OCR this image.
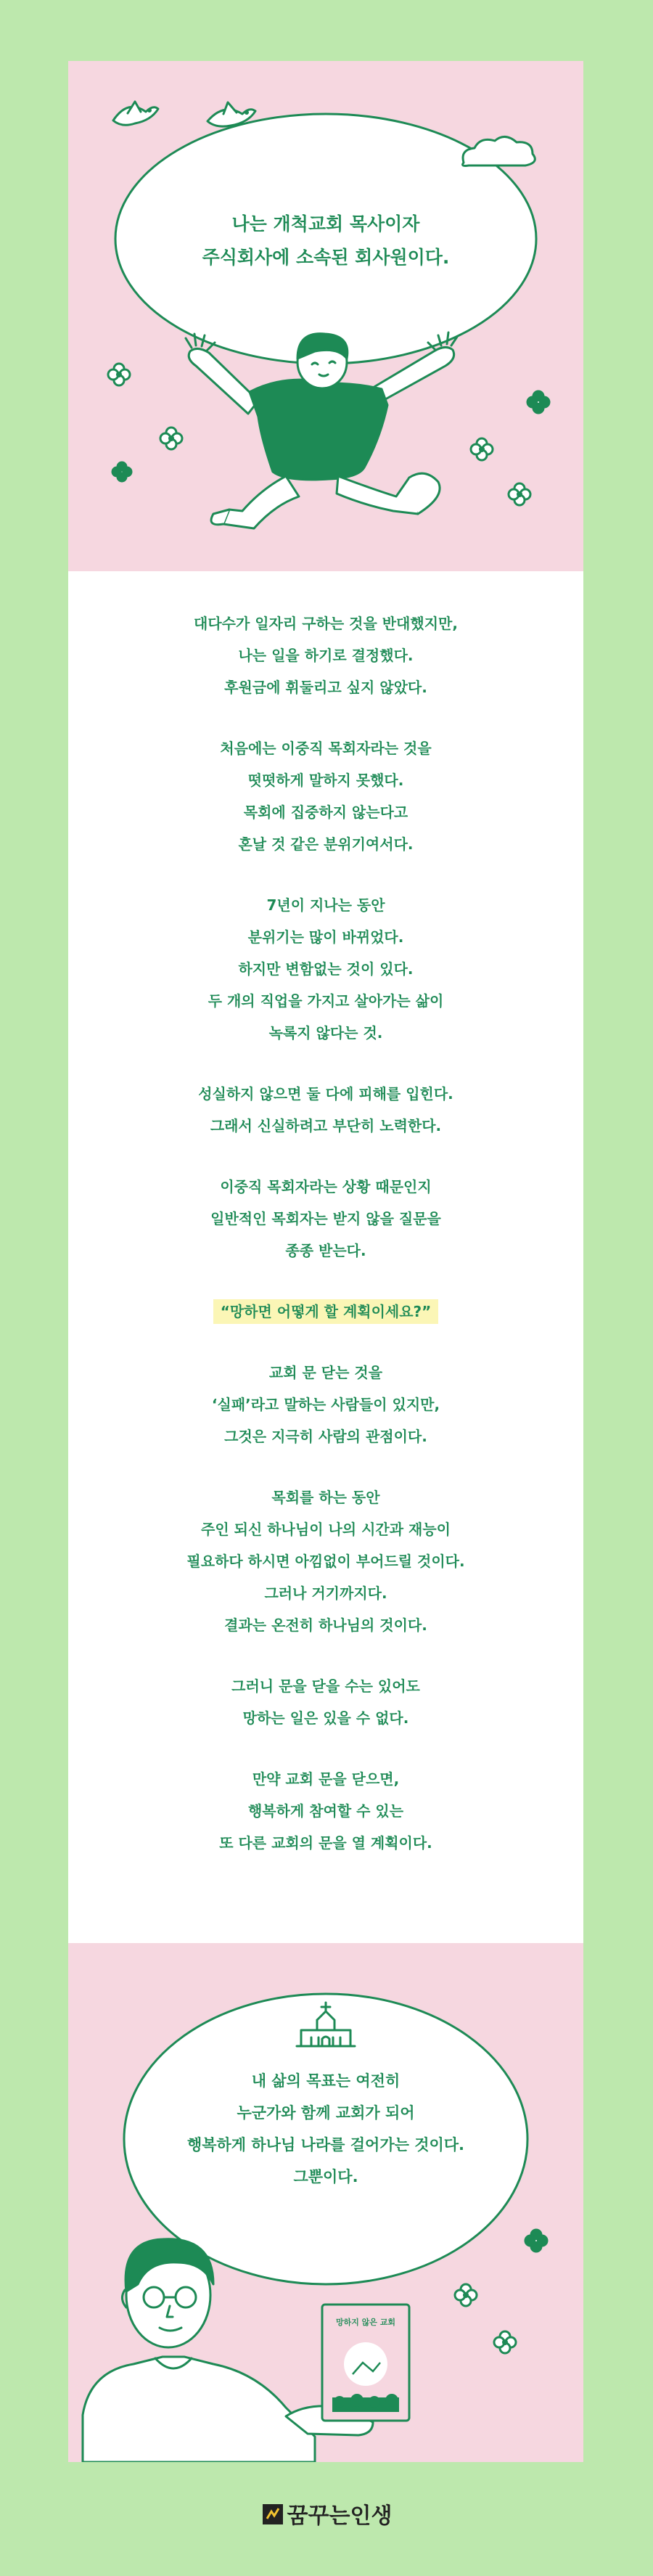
나는 개척교회 목사이자
주식회사에 소속된 회사원이다.
대다수가 일자리 구하는 것을 반대했지만,
나는 일을 하기로 결정했다.
후원금에 휘둘리고 싶지 않았다.
처음에는 이중직 목회자라는 것을
떳떳하게 말하지 못했다.
목회에 집중하지 않는다고
혼날 것 같은 분위기여서다.
7년이 지나는 동안
분위기는 많이 바뀌었다.
하지만 변함없는 것이 있다.
두 개의 직업을 가지고 살아가는 삶이
녹록지 않다는 것.
성실하지 않으면 둘 다에 피해를 입힌다.
그래서 신실하려고 부단히 노력한다.
이중직 목회자라는 상황 때문인지
일반적인 목회자는 받지 않을 질문을
종종 받는다.
“망하면 어떻게 할 계획이세요?”
교회 문 닫는 것을
‘실패’라고 말하는 사람들이 있지만,
그것은 지극히 사람의 관점이다.
목회를 하는 동안
주인 되신 하나님이 나의 시간과 재능이
필요하다 하시면 아낌없이 부어드릴 것이다.
그러나 거기까지다.
결과는 온전히 하나님의 것이다.
그러니 문을 닫을 수는 있어도
망하는 일은 있을 수 없다.
만약 교회 문을 닫으면,
행복하게 참여할 수 있는
또 다른 교회의 문을 열 계획이다.
망하지 않은 교회
내 삶의 목표는 여전히
누군가와 함께 교회가 되어
행복하게 하나님 나라를 걸어가는 것이다.
그뿐이다.
꿈꾸는인생
